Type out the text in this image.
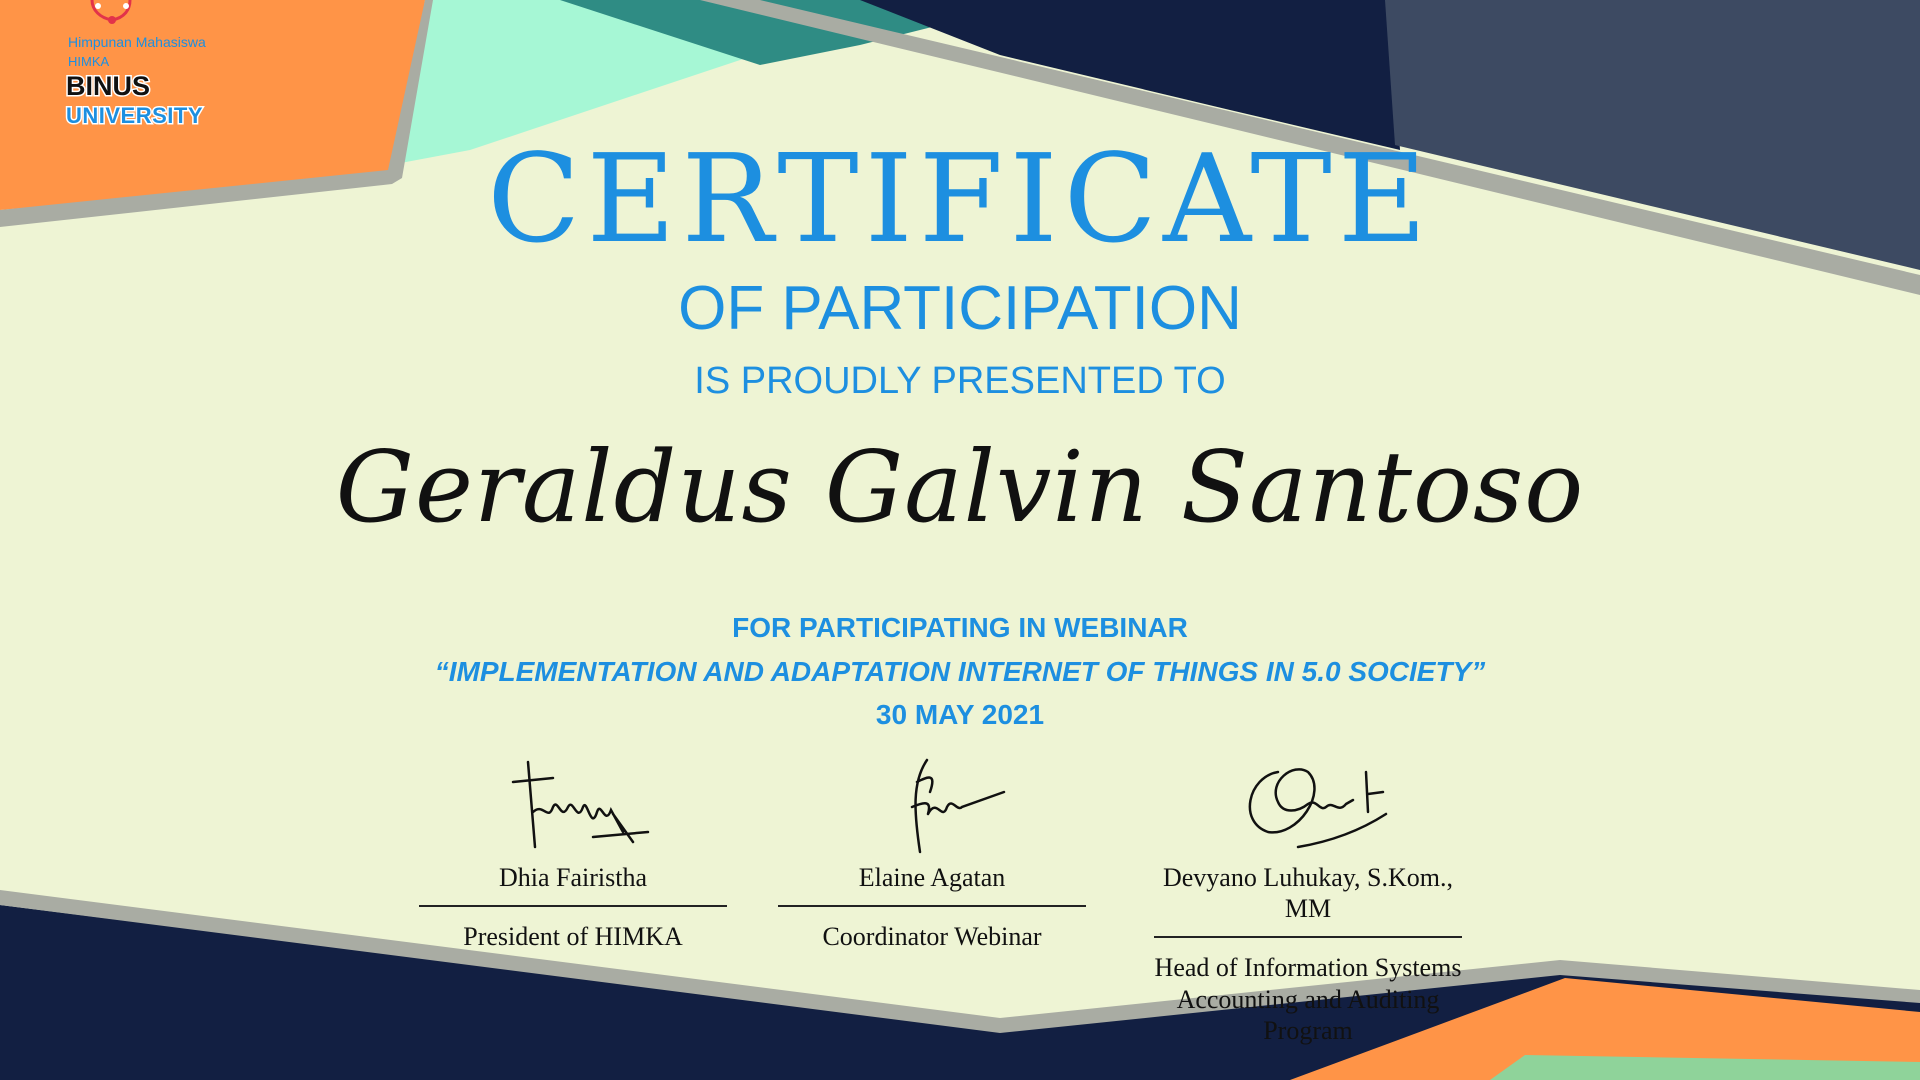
Himpunan Mahasiswa
HIMKA
BINUS
UNIVERSITY
CERTIFICATE
OF PARTICIPATION
IS PROUDLY PRESENTED TO
Geraldus Galvin Santoso
FOR PARTICIPATING IN WEBINAR
“IMPLEMENTATION AND ADAPTATION INTERNET OF THINGS IN 5.0 SOCIETY”
30 MAY 2021
Dhia Fairistha
President of HIMKA
Elaine Agatan
Coordinator Webinar
Devyano Luhukay, S.Kom., MM
Head of Information Systems
Accounting and Auditing Program
